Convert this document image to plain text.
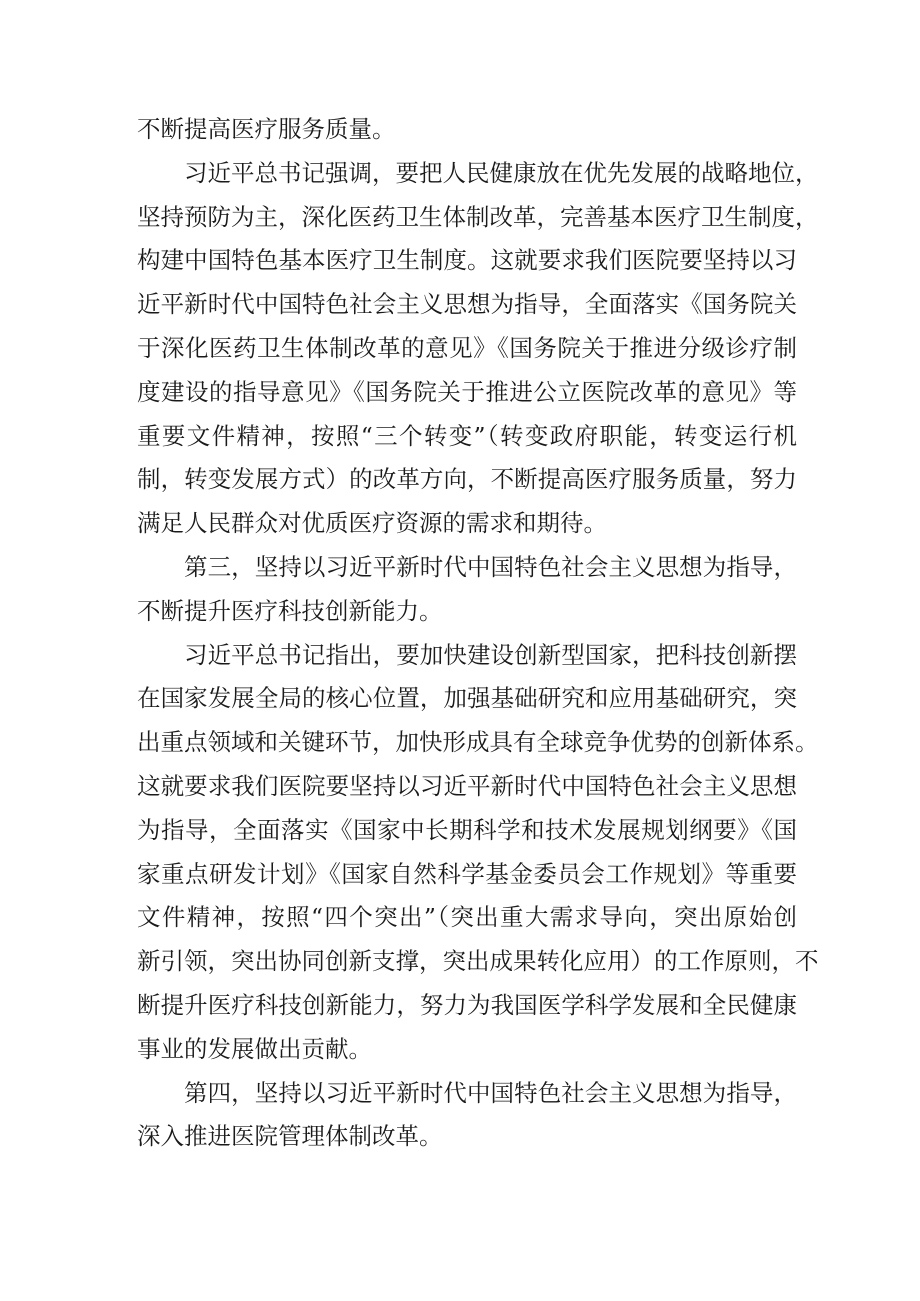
不断提高医疗服务质量。

习近平总书记强调，要把人民健康放在优先发展的战略地位，
坚持预防为主，深化医药卫生体制改革，完善基本医疗卫生制度，
构建中国特色基本医疗卫生制度。这就要求我们医院要坚持以习
近平新时代中国特色社会主义思想为指导，全面落实《国务院关
于深化医药卫生体制改革的意见》《国务院关于推进分级诊疗制
度建设的指导意见》《国务院关于推进公立医院改革的意见》等
重要文件精神，按照“三个转变”（转变政府职能，转变运行机
制，转变发展方式）的改革方向，不断提高医疗服务质量，努力
满足人民群众对优质医疗资源的需求和期待。

第三，坚持以习近平新时代中国特色社会主义思想为指导，
不断提升医疗科技创新能力。

习近平总书记指出，要加快建设创新型国家，把科技创新摆
在国家发展全局的核心位置，加强基础研究和应用基础研究，突
出重点领域和关键环节，加快形成具有全球竞争优势的创新体系。
这就要求我们医院要坚持以习近平新时代中国特色社会主义思想
为指导，全面落实《国家中长期科学和技术发展规划纲要》《国
家重点研发计划》《国家自然科学基金委员会工作规划》等重要
文件精神，按照“四个突出”（突出重大需求导向，突出原始创
新引领，突出协同创新支撑，突出成果转化应用）的工作原则，不
断提升医疗科技创新能力，努力为我国医学科学发展和全民健康
事业的发展做出贡献。

第四，坚持以习近平新时代中国特色社会主义思想为指导，
深入推进医院管理体制改革。
